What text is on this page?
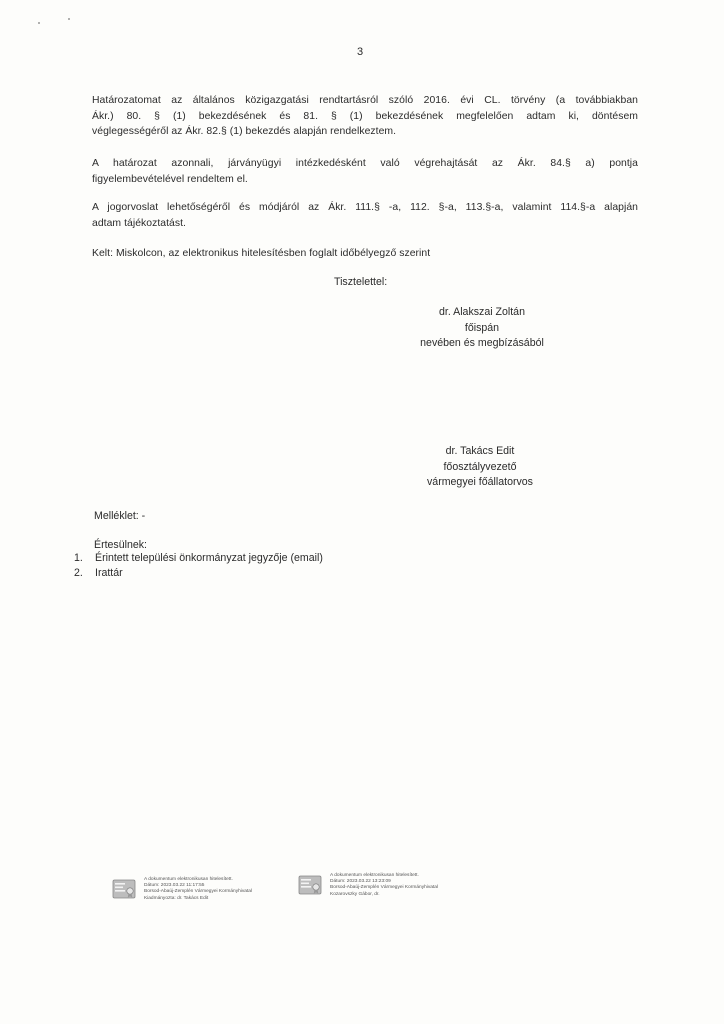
3
Határozatomat az általános közigazgatási rendtartásról szóló 2016. évi CL. törvény (a továbbiakban
Ákr.) 80. § (1) bekezdésének és 81. § (1) bekezdésének megfelelően adtam ki, döntésem
véglegességéről az Ákr. 82.§ (1) bekezdés alapján rendelkeztem.
A határozat azonnali, járványügyi intézkedésként való végrehajtását az Ákr. 84.§ a) pontja
figyelembevételével rendeltem el.
A jogorvoslat lehetőségéről és módjáról az Ákr. 111.§ -a, 112. §-a, 113.§-a, valamint 114.§-a alapján
adtam tájékoztatást.
Kelt: Miskolcon, az elektronikus hitelesítésben foglalt időbélyegző szerint
Tisztelettel:
dr. Alakszai Zoltán
főispán
nevében és megbízásából
dr. Takács Edit
főosztályvezető
vármegyei főállatorvos
Melléklet: -
Értesülnek:
1. Érintett települési önkormányzat jegyzője (email)
2. Irattár
A dokumentum elektronikusan hitelesített.
Dátum: 2023.03.22 11:17:55
Borsod-Abaúj-Zemplén Vármegyei Kormányhivatal
Kiadmányozta: dr. Takács Edit
A dokumentum elektronikusan hitelesített.
Dátum: 2023.03.22 13:23:09
Borsod-Abaúj-Zemplén Vármegyei Kormányhivatal
Kozarovszky Gábor, dr.
